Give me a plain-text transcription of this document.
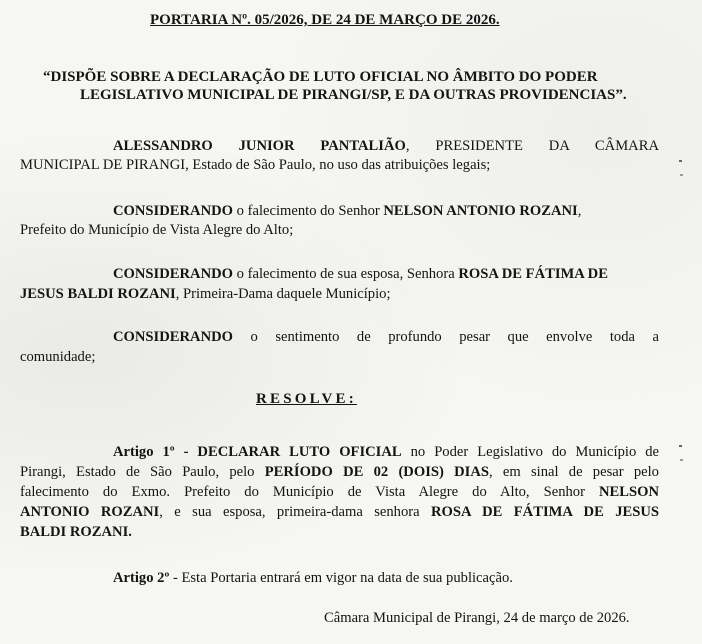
PORTARIA Nº. 05/2026, DE 24 DE MARÇO DE 2026.
“DISPÕE SOBRE A DECLARAÇÃO DE LUTO OFICIAL NO ÂMBITO DO PODER
LEGISLATIVO MUNICIPAL DE PIRANGI/SP, E DA OUTRAS PROVIDENCIAS”.
ALESSANDRO JUNIOR PANTALIÃO, PRESIDENTE DA CÂMARA
MUNICIPAL DE PIRANGI, Estado de São Paulo, no uso das atribuições legais;
CONSIDERANDO o falecimento do Senhor NELSON ANTONIO ROZANI,
Prefeito do Município de Vista Alegre do Alto;
CONSIDERANDO o falecimento de sua esposa, Senhora ROSA DE FÁTIMA DE
JESUS BALDI ROZANI, Primeira-Dama daquele Município;
CONSIDERANDO o sentimento de profundo pesar que envolve toda a
comunidade;
RESOLVE:
Artigo 1º - DECLARAR LUTO OFICIAL no Poder Legislativo do Município de
Pirangi, Estado de São Paulo, pelo PERÍODO DE 02 (DOIS) DIAS, em sinal de pesar pelo
falecimento do Exmo. Prefeito do Município de Vista Alegre do Alto, Senhor NELSON
ANTONIO ROZANI, e sua esposa, primeira-dama senhora ROSA DE FÁTIMA DE JESUS
BALDI ROZANI.
Artigo 2º - Esta Portaria entrará em vigor na data de sua publicação.
Câmara Municipal de Pirangi, 24 de março de 2026.
